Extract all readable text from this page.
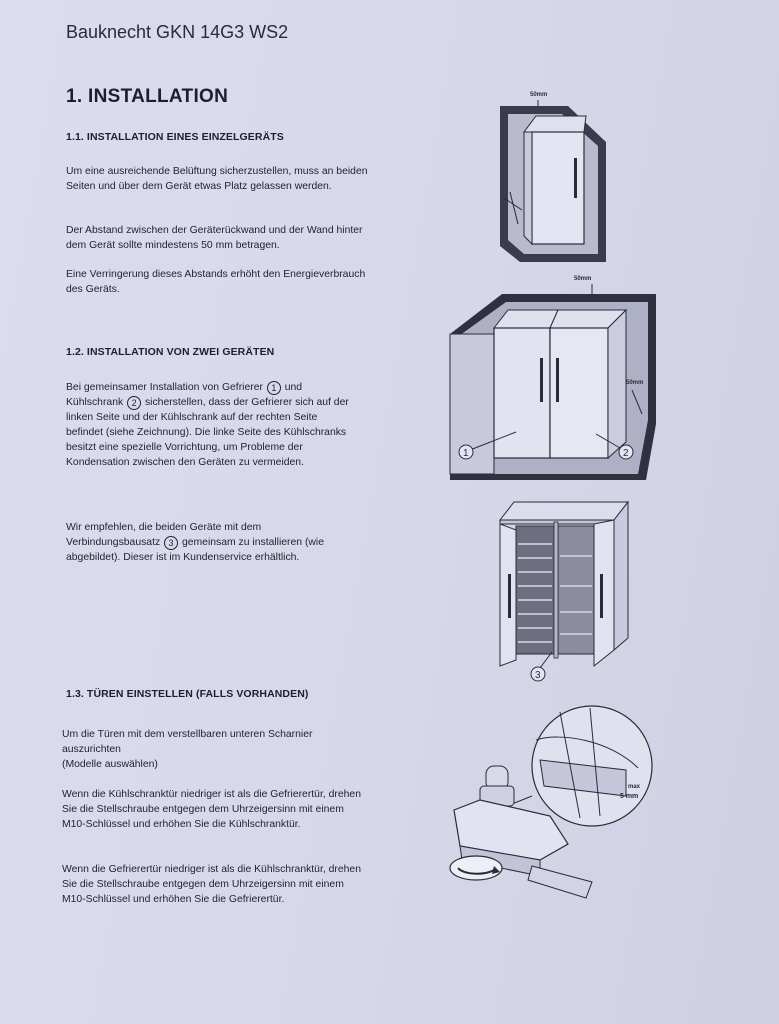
Bauknecht GKN 14G3 WS2
1. INSTALLATION
1.1. INSTALLATION EINES EINZELGERÄTS
Um eine ausreichende Belüftung sicherzustellen, muss an beiden Seiten und über dem Gerät etwas Platz gelassen werden.
Der Abstand zwischen der Geräterückwand und der Wand hinter dem Gerät sollte mindestens 50 mm betragen.
Eine Verringerung dieses Abstands erhöht den Energieverbrauch des Geräts.
1.2. INSTALLATION VON ZWEI GERÄTEN
Bei gemeinsamer Installation von Gefrierer 1 und Kühlschrank 2 sicherstellen, dass der Gefrierer sich auf der linken Seite und der Kühlschrank auf der rechten Seite befindet (siehe Zeichnung). Die linke Seite des Kühlschranks besitzt eine spezielle Vorrichtung, um Probleme der Kondensation zwischen den Geräten zu vermeiden.
Wir empfehlen, die beiden Geräte mit dem Verbindungsbausatz 3 gemeinsam zu installieren (wie abgebildet). Dieser ist im Kundenservice erhältlich.
1.3. TÜREN EINSTELLEN (FALLS VORHANDEN)
Um die Türen mit dem verstellbaren unteren Scharnier auszurichten
(Modelle auswählen)
Wenn die Kühlschranktür niedriger ist als die Gefrierertür, drehen Sie die Stellschraube entgegen dem Uhrzeigersinn mit einem M10-Schlüssel und erhöhen Sie die Kühlschranktür.
Wenn die Gefrierertür niedriger ist als die Kühlschranktür, drehen Sie die Stellschraube entgegen dem Uhrzeigersinn mit einem M10-Schlüssel und erhöhen Sie die Gefrierertür.
50mm
50mm
1	2
50mm
3
max
5 mm
